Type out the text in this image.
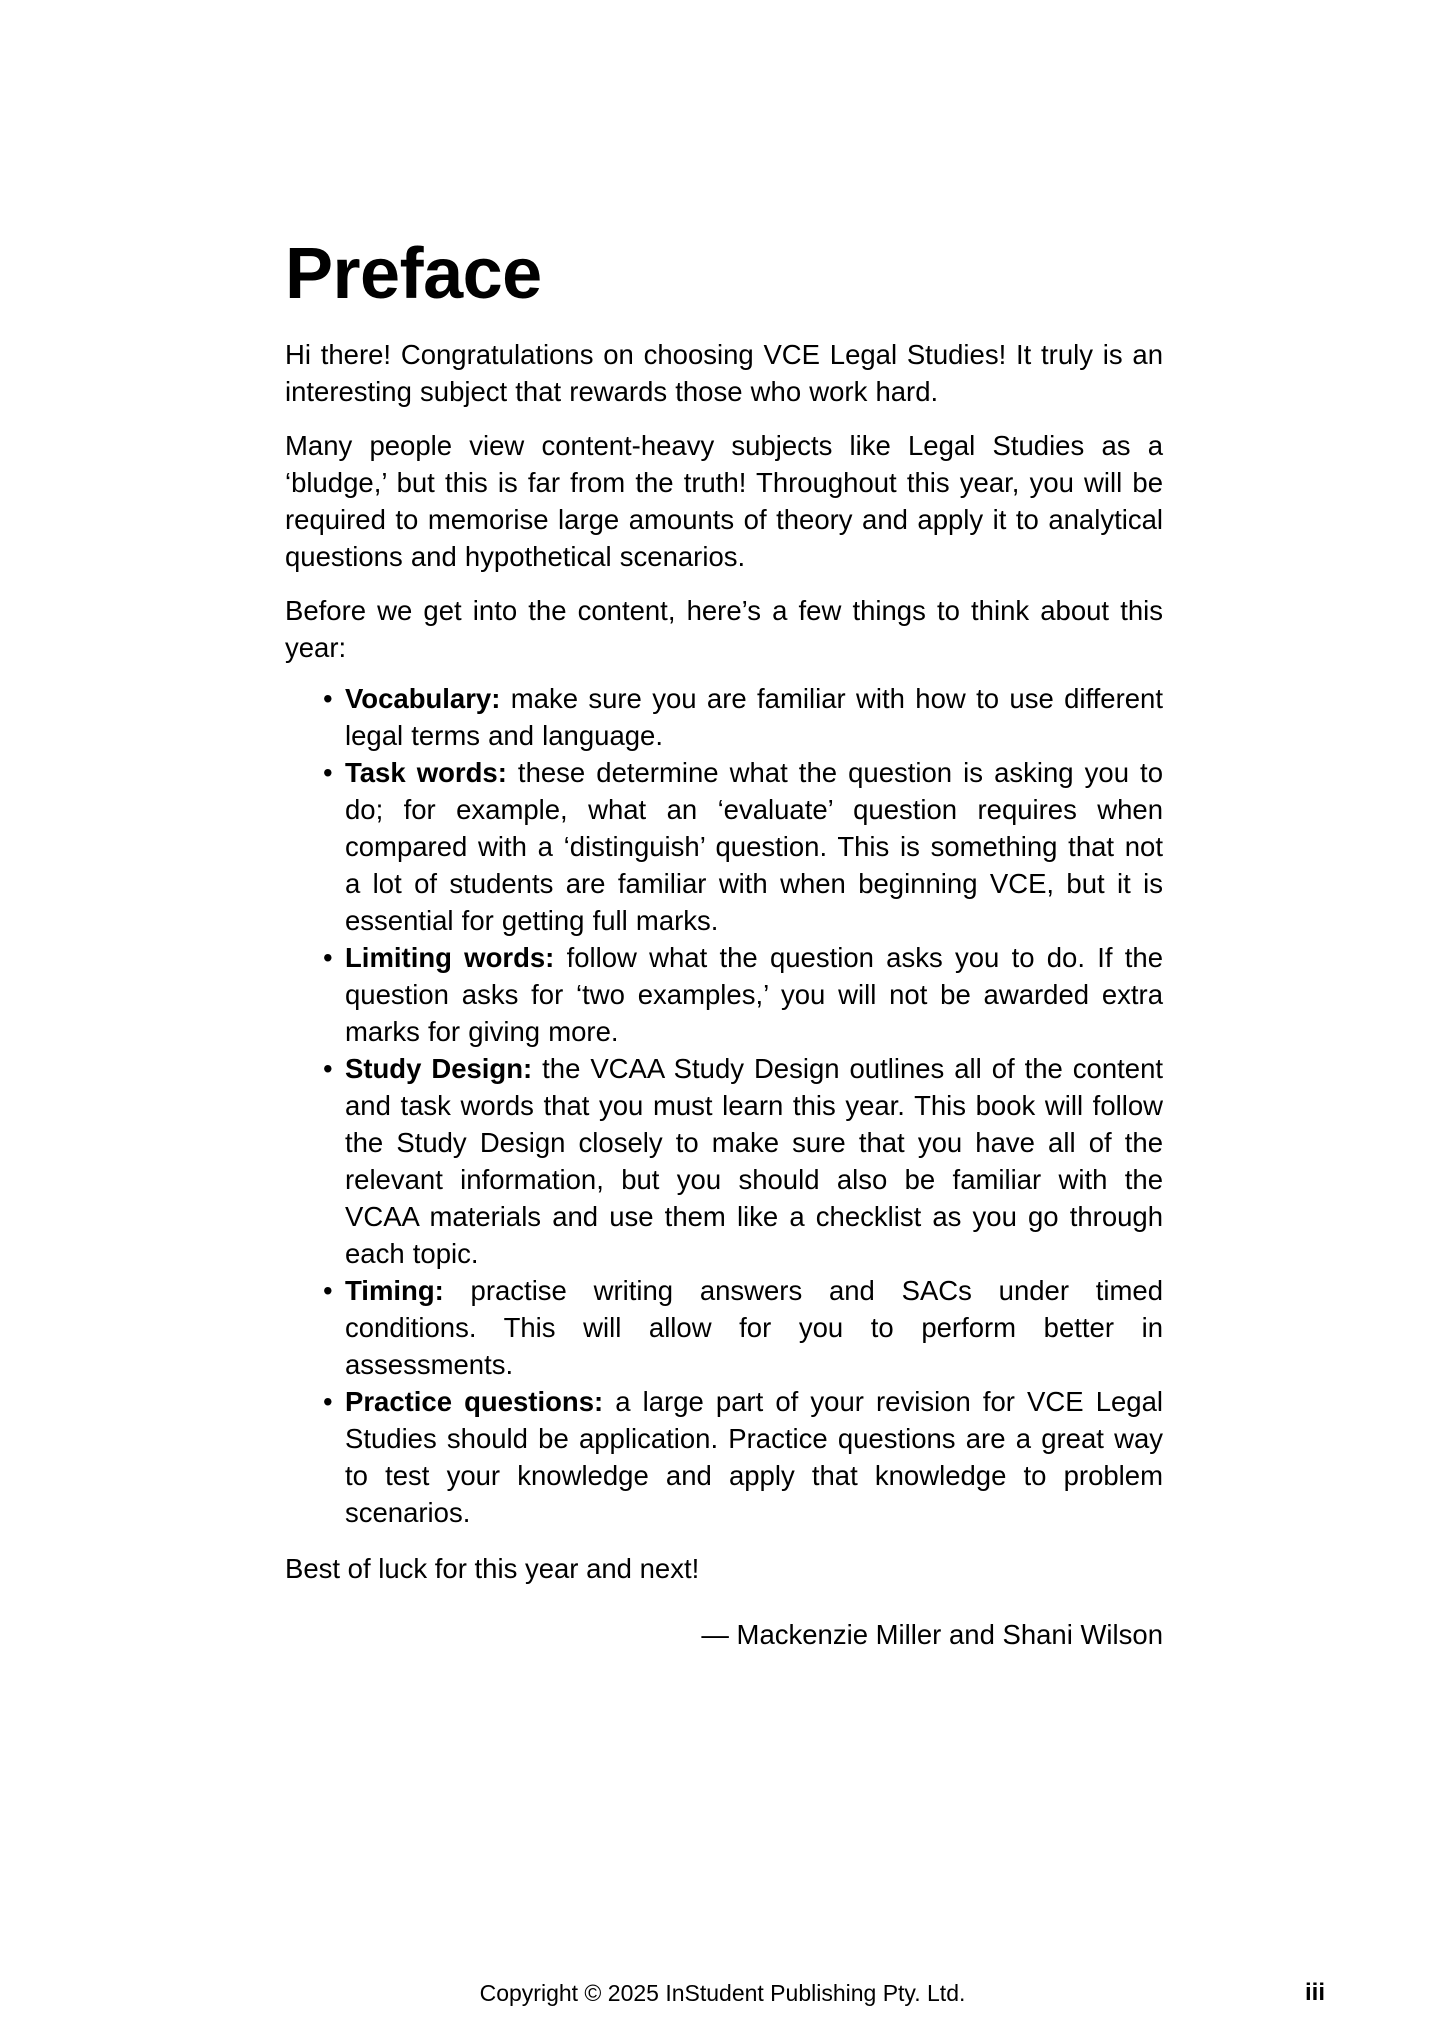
Preface

Hi there! Congratulations on choosing VCE Legal Studies! It truly is an interesting subject that rewards those who work hard.

Many people view content-heavy subjects like Legal Studies as a ‘bludge,’ but this is far from the truth! Throughout this year, you will be required to memorise large amounts of theory and apply it to analytical questions and hypothetical scenarios.

Before we get into the content, here’s a few things to think about this year:

• Vocabulary: make sure you are familiar with how to use different legal terms and language.
• Task words: these determine what the question is asking you to do; for example, what an ‘evaluate’ question requires when compared with a ‘distinguish’ question. This is something that not a lot of students are familiar with when beginning VCE, but it is essential for getting full marks.
• Limiting words: follow what the question asks you to do. If the question asks for ‘two examples,’ you will not be awarded extra marks for giving more.
• Study Design: the VCAA Study Design outlines all of the content and task words that you must learn this year. This book will follow the Study Design closely to make sure that you have all of the relevant information, but you should also be familiar with the VCAA materials and use them like a checklist as you go through each topic.
• Timing: practise writing answers and SACs under timed conditions. This will allow for you to perform better in assessments.
• Practice questions: a large part of your revision for VCE Legal Studies should be application. Practice questions are a great way to test your knowledge and apply that knowledge to problem scenarios.

Best of luck for this year and next!

— Mackenzie Miller and Shani Wilson

Copyright © 2025 InStudent Publishing Pty. Ltd.	iii
